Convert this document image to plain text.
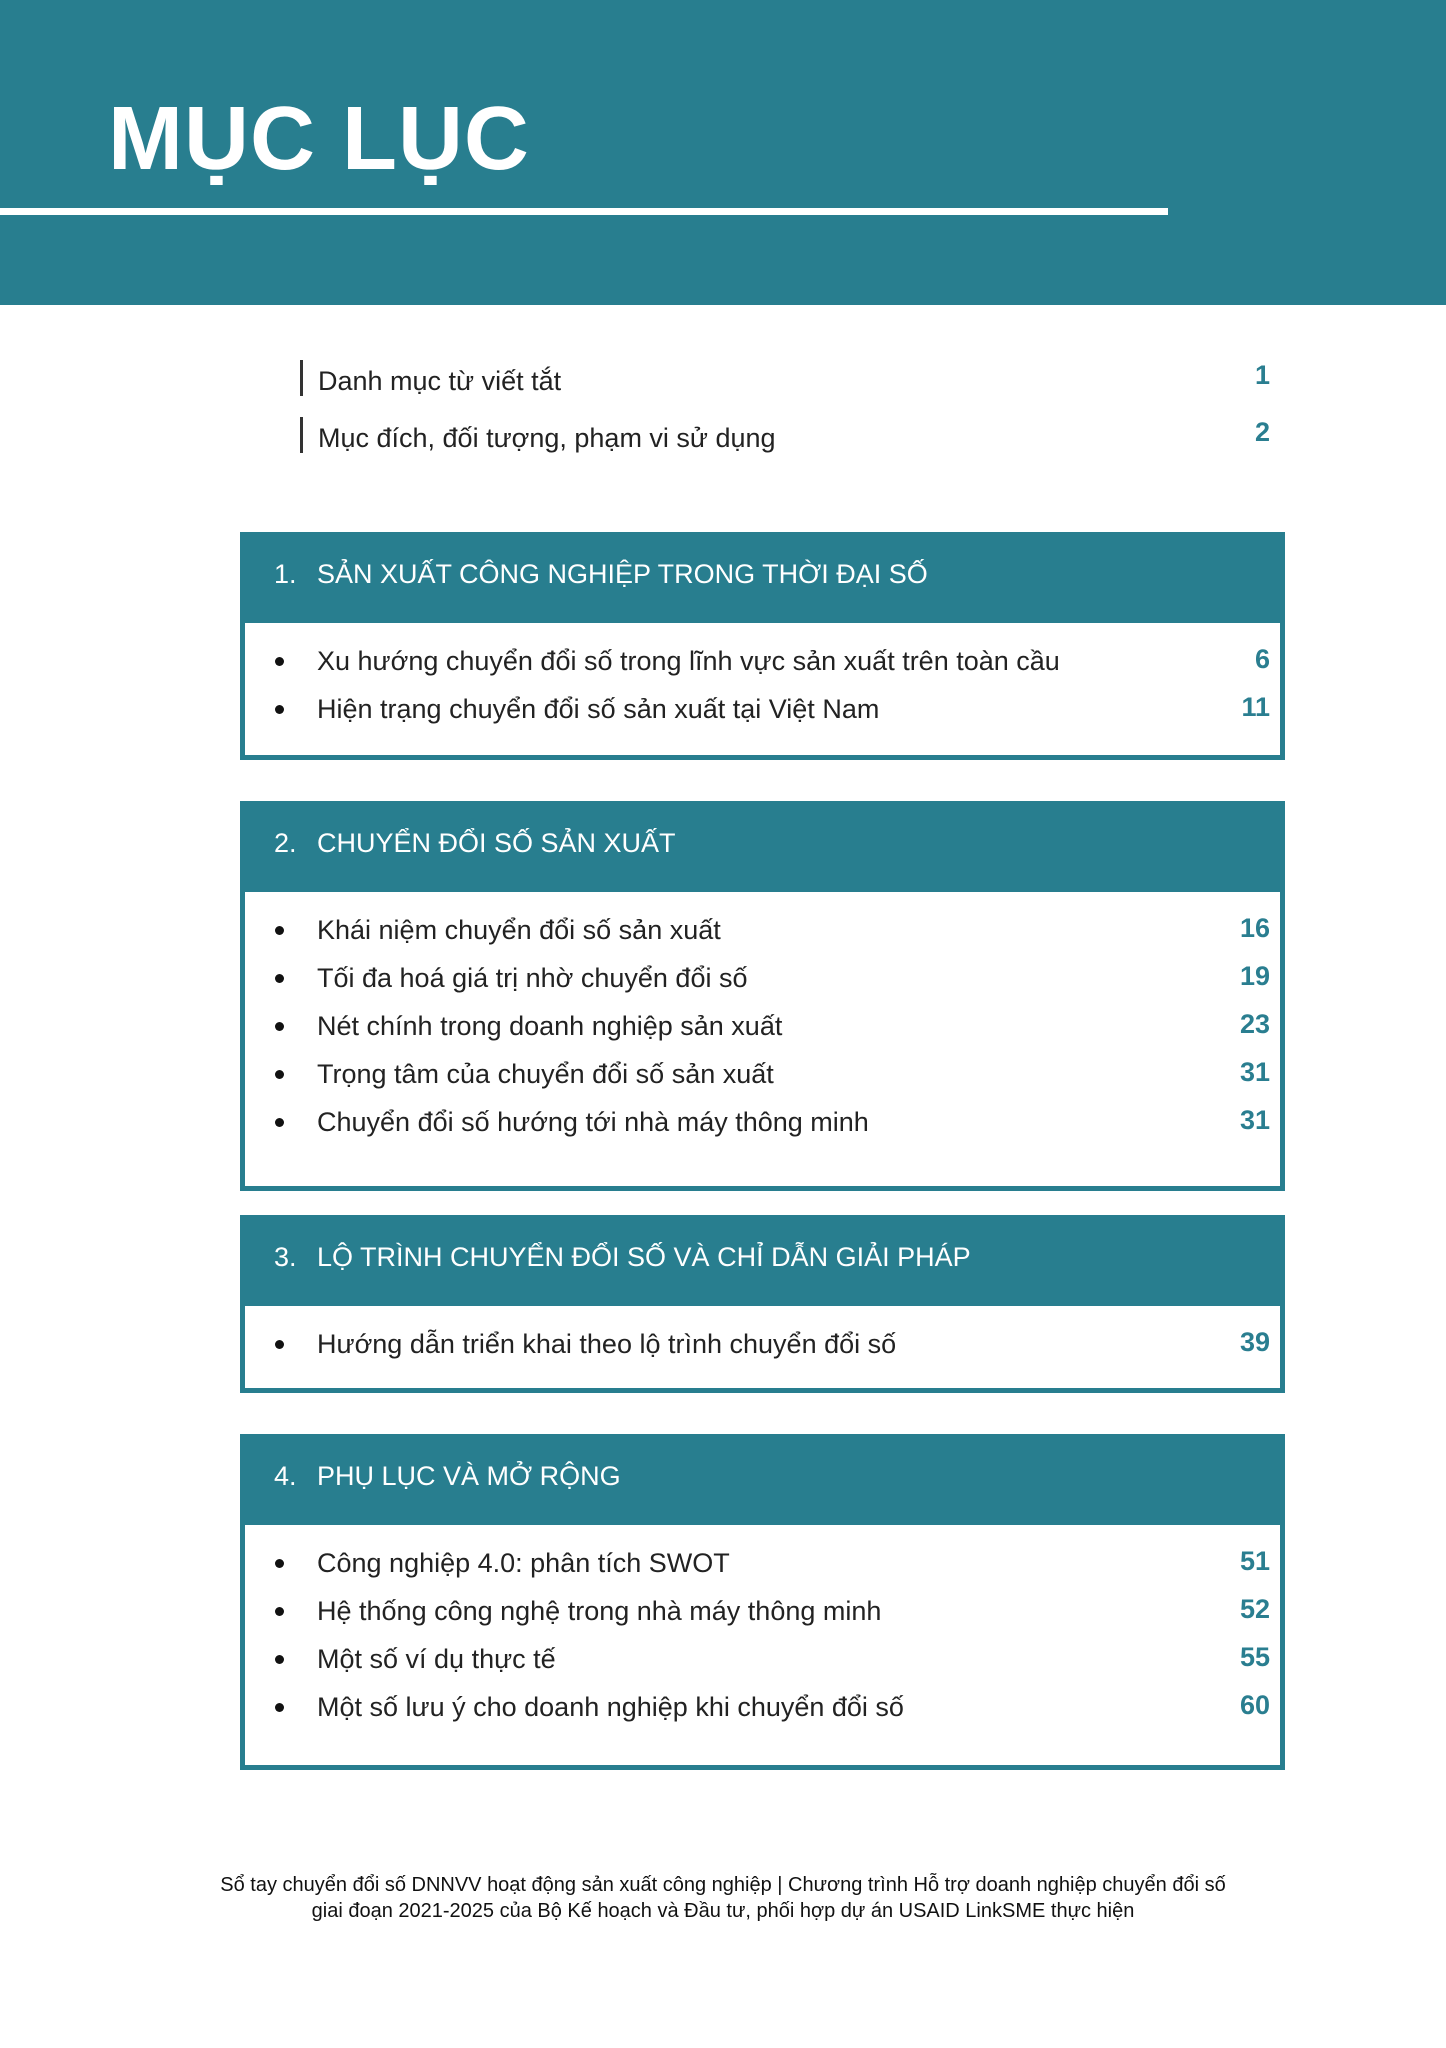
MỤC LỤC
Danh mục từ viết tắt	1
Mục đích, đối tượng, phạm vi sử dụng	2
1. SẢN XUẤT CÔNG NGHIỆP TRONG THỜI ĐẠI SỐ
Xu hướng chuyển đổi số trong lĩnh vực sản xuất trên toàn cầu	6
Hiện trạng chuyển đổi số sản xuất tại Việt Nam	11
2. CHUYỂN ĐỔI SỐ SẢN XUẤT
Khái niệm chuyển đổi số sản xuất	16
Tối đa hoá giá trị nhờ chuyển đổi số	19
Nét chính trong doanh nghiệp sản xuất	23
Trọng tâm của chuyển đổi số sản xuất	31
Chuyển đổi số hướng tới nhà máy thông minh	31
3. LỘ TRÌNH CHUYỂN ĐỔI SỐ VÀ CHỈ DẪN GIẢI PHÁP
Hướng dẫn triển khai theo lộ trình chuyển đổi số	39
4. PHỤ LỤC VÀ MỞ RỘNG
Công nghiệp 4.0: phân tích SWOT	51
Hệ thống công nghệ trong nhà máy thông minh	52
Một số ví dụ thực tế	55
Một số lưu ý cho doanh nghiệp khi chuyển đổi số	60
Sổ tay chuyển đổi số DNNVV hoạt động sản xuất công nghiệp | Chương trình Hỗ trợ doanh nghiệp chuyển đổi số
giai đoạn 2021-2025 của Bộ Kế hoạch và Đầu tư, phối hợp dự án USAID LinkSME thực hiện
